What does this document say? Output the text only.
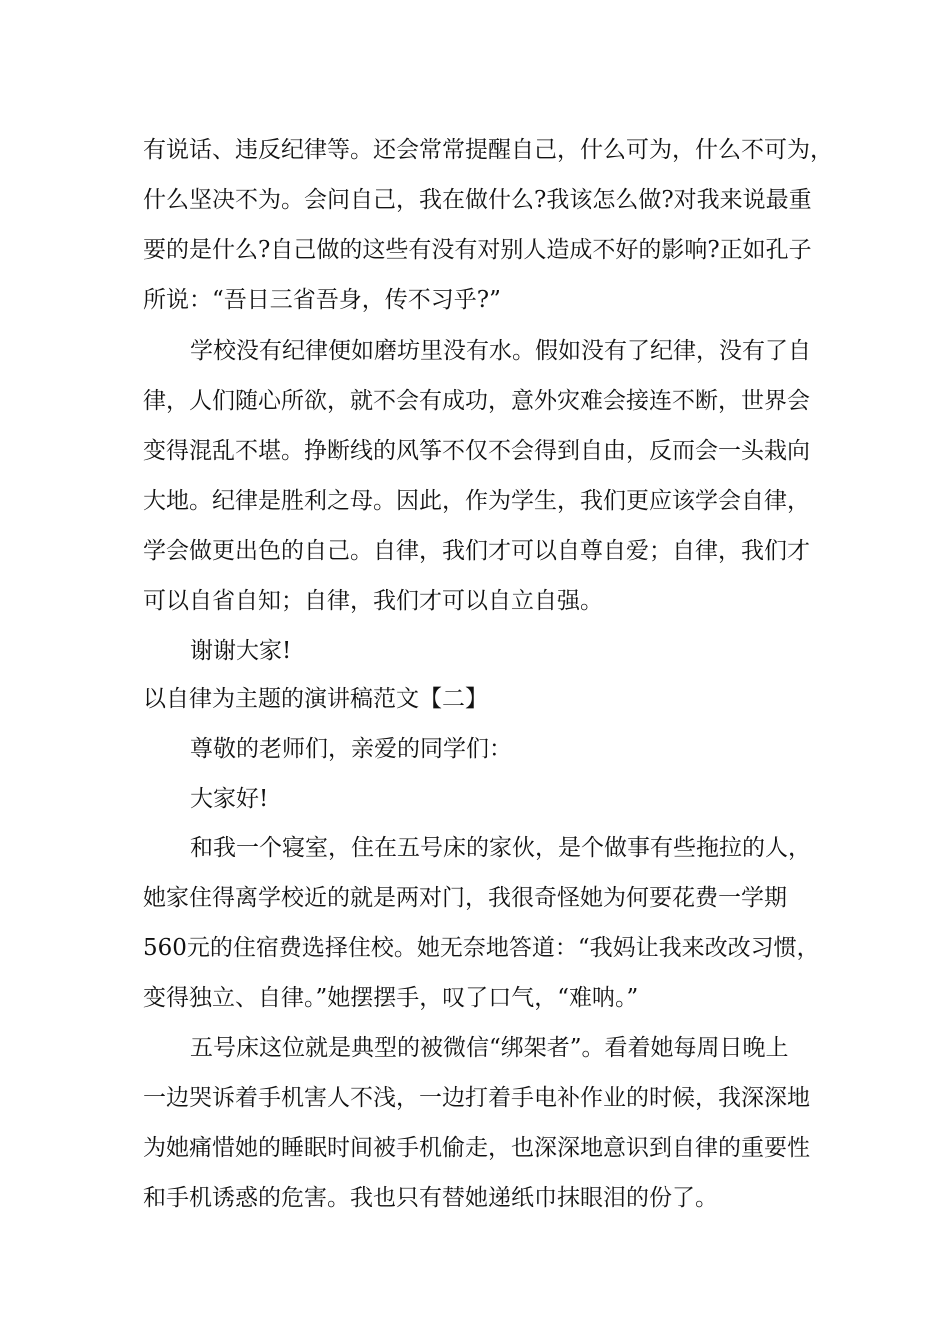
有说话、违反纪律等。还会常常提醒自己，什么可为，什么不可为，
什么坚决不为。会问自己，我在做什么?我该怎么做?对我来说最重
要的是什么?自己做的这些有没有对别人造成不好的影响?正如孔子
所说：“吾日三省吾身，传不习乎?”
学校没有纪律便如磨坊里没有水。假如没有了纪律，没有了自
律，人们随心所欲，就不会有成功，意外灾难会接连不断，世界会
变得混乱不堪。挣断线的风筝不仅不会得到自由，反而会一头栽向
大地。纪律是胜利之母。因此，作为学生，我们更应该学会自律，
学会做更出色的自己。自律，我们才可以自尊自爱；自律，我们才
可以自省自知；自律，我们才可以自立自强。
谢谢大家!
以自律为主题的演讲稿范文【二】
尊敬的老师们，亲爱的同学们：
大家好!
和我一个寝室，住在五号床的家伙，是个做事有些拖拉的人，
她家住得离学校近的就是两对门，我很奇怪她为何要花费一学期
560元的住宿费选择住校。她无奈地答道：“我妈让我来改改习惯，
变得独立、自律。”她摆摆手，叹了口气，“难呐。”
五号床这位就是典型的被微信“绑架者”。看着她每周日晚上
一边哭诉着手机害人不浅，一边打着手电补作业的时候，我深深地
为她痛惜她的睡眠时间被手机偷走，也深深地意识到自律的重要性
和手机诱惑的危害。我也只有替她递纸巾抹眼泪的份了。
